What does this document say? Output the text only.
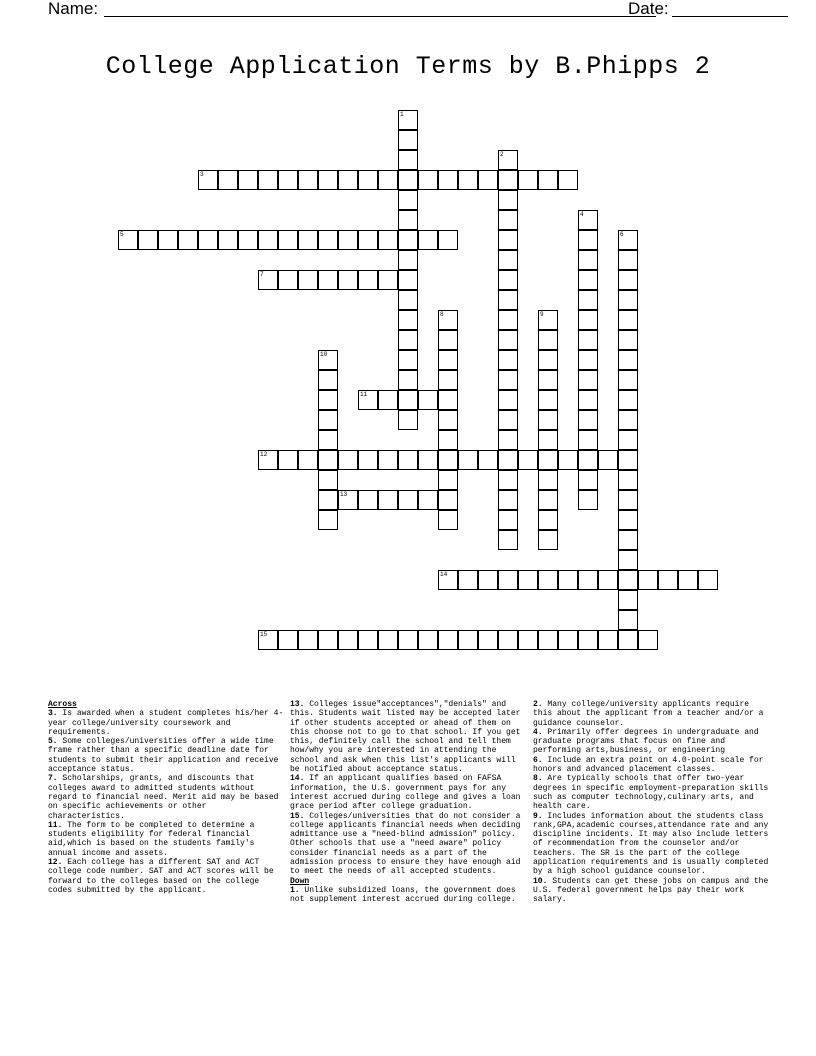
Name:	Date:
College Application Terms by B.Phipps 2
1
2
3
4
5	6
7
8	9
10
11
12
13
14
15
Across
3. Is awarded when a student completes his/her 4-year college/university coursework and requirements.
5. Some colleges/universities offer a wide time frame rather than a specific deadline date for students to submit their application and receive acceptance status.
7. Scholarships, grants, and discounts that colleges award to admitted students without regard to financial need. Merit aid may be based on specific achievements or other characteristics.
11. The form to be completed to determine a students eligibility for federal financial aid,which is based on the students family's annual income and assets.
12. Each college has a different SAT and ACT college code number. SAT and ACT scores will be forward to the colleges based on the college codes submitted by the applicant.
13. Colleges issue"acceptances","denials" and this. Students wait listed may be accepted later if other students accepted or ahead of them on this choose not to go to that school. If you get this, definitely call the school and tell them how/why you are interested in attending the school and ask when this list's applicants will be notified about acceptance status.
14. If an applicant qualifies based on FAFSA information, the U.S. government pays for any interest accrued during college and gives a loan grace period after college graduation.
15. Colleges/universities that do not consider a college applicants financial needs when deciding admittance use a "need-blind admission" policy. Other schools that use a "need aware" policy consider financial needs as a part of the admission process to ensure they have enough aid to meet the needs of all accepted students.
Down
1. Unlike subsidized loans, the government does not supplement interest accrued during college.
2. Many college/university applicants require this about the applicant from a teacher and/or a guidance counselor.
4. Primarily offer degrees in undergraduate and graduate programs that focus on fine and performing arts,business, or engineering
6. Include an extra point on 4.0-point scale for honors and advanced placement classes.
8. Are typically schools that offer two-year degrees in specific employment-preparation skills such as computer technology,culinary arts, and health care.
9. Includes information about the students class rank,GPA,academic courses,attendance rate and any discipline incidents. It may also include letters of recommendation from the counselor and/or teachers. The SR is the part of the college application requirements and is usually completed by a high school guidance counselor.
10. Students can get these jobs on campus and the U.S. federal government helps pay their work salary.
